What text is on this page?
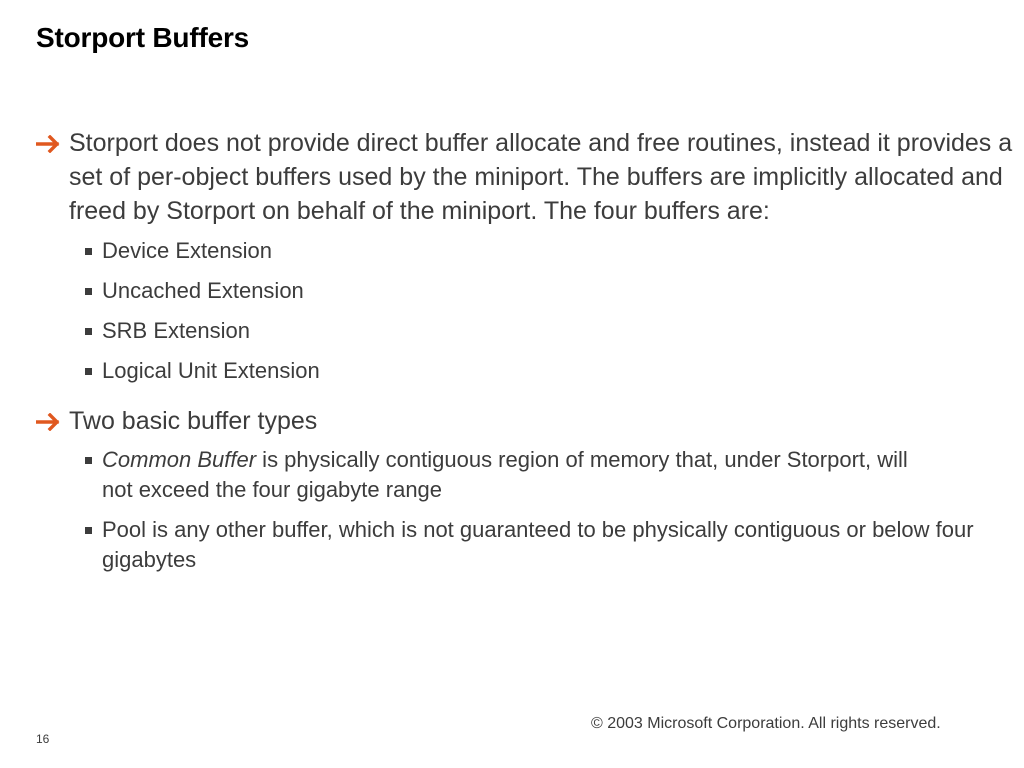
Storport Buffers
Storport does not provide direct buffer allocate and free routines, instead it provides a set of per-object buffers used by the miniport. The buffers are implicitly allocated and freed by Storport on behalf of the miniport. The four buffers are:
Device Extension
Uncached Extension
SRB Extension
Logical Unit Extension
Two basic buffer types
Common Buffer is physically contiguous region of memory that, under Storport, will not exceed the four gigabyte range
Pool is any other buffer, which is not guaranteed to be physically contiguous or below four gigabytes
© 2003 Microsoft Corporation. All rights reserved.
16
